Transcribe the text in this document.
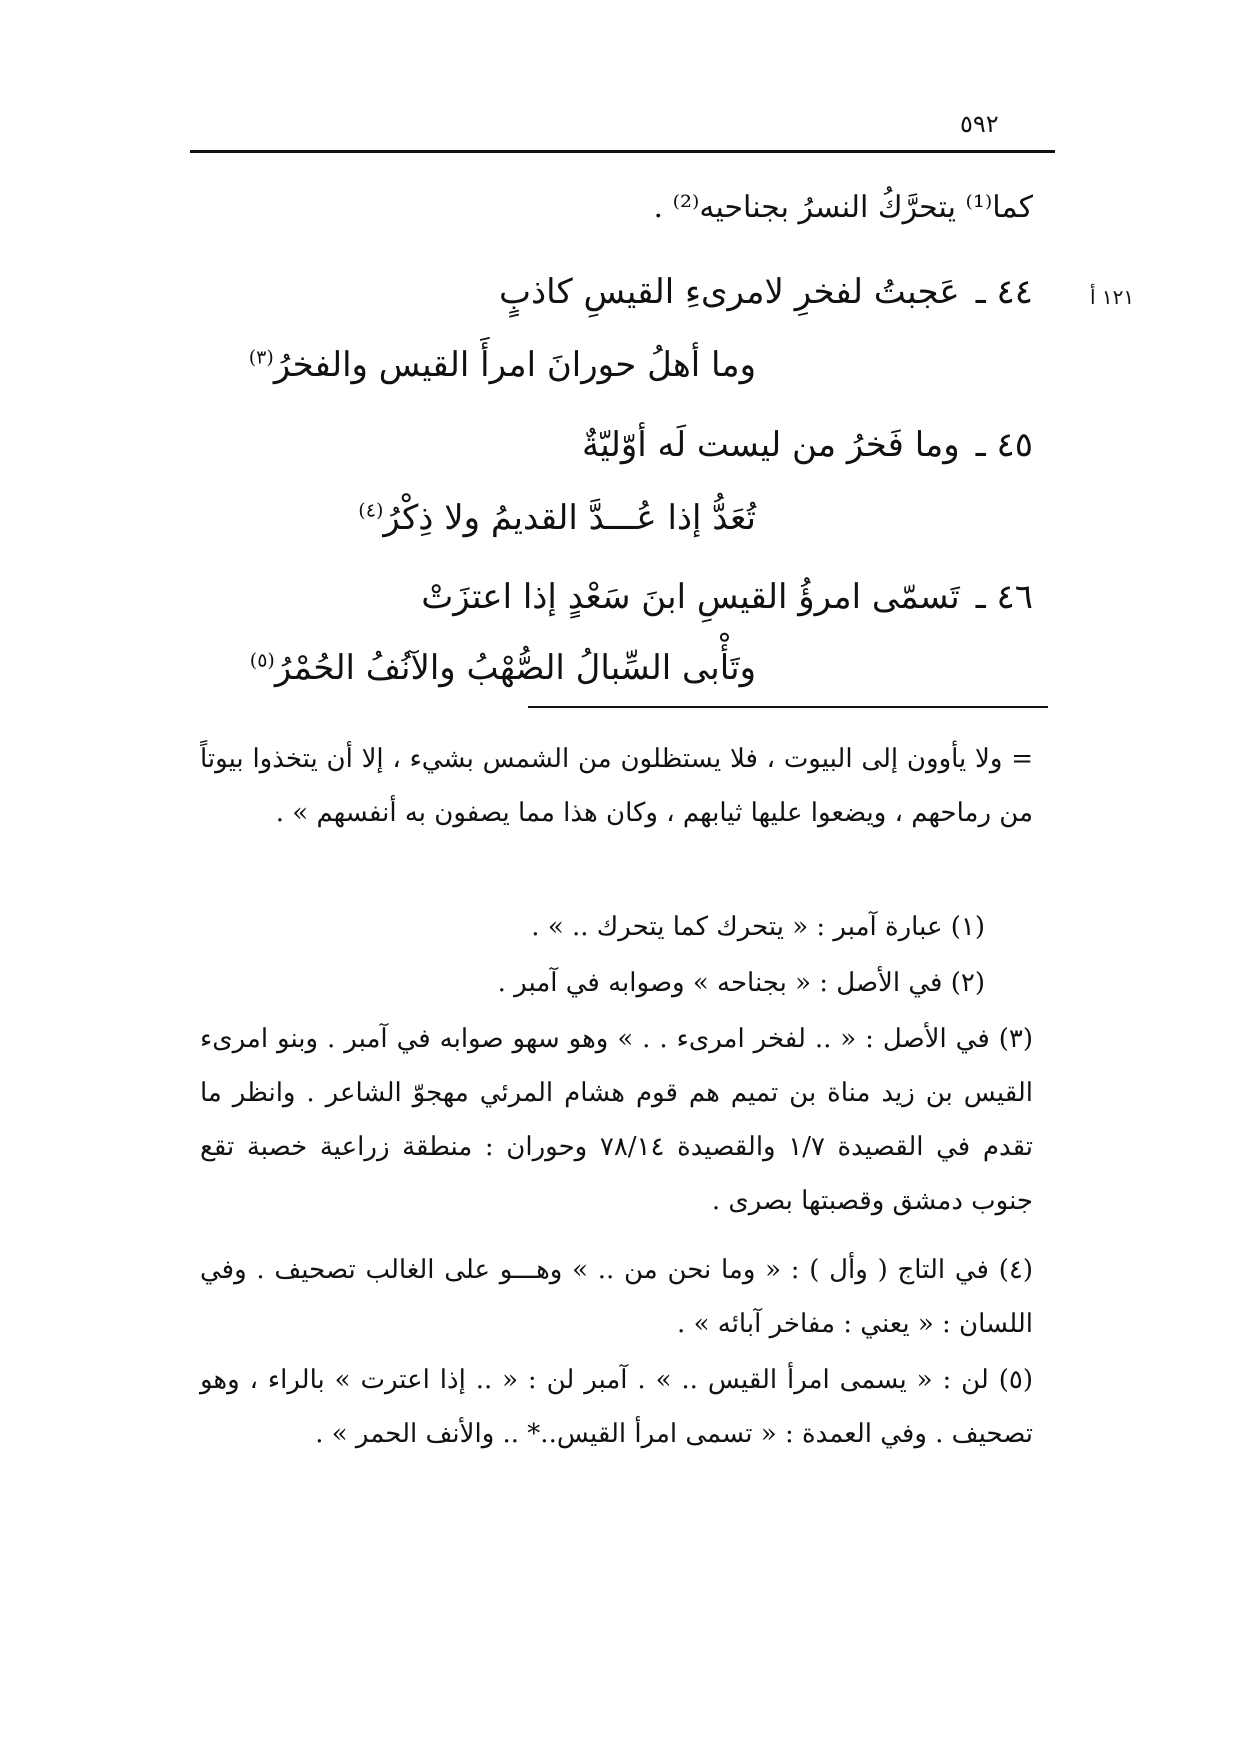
٥٩٢
كما⁽¹⁾ يتحرَّكُ النسرُ بجناحيه⁽²⁾ .
١٢١ أ
٤٤ ـعَجبتُ لفخرِ لامرىءِ القيسِ كاذبٍ
وما أهلُ حورانَ امرأَ القيس والفخرُ$^{(٣)}$
٤٥ ـوما فَخرُ من ليست لَه أوّليّةٌ
تُعَدُّ إذا عُـــدَّ القديمُ ولا ذِكْرُ$^{(٤)}$
٤٦ ـتَسمّى امرؤُ القيسِ ابنَ سَعْدٍ إذا اعتزَتْ
وتَأْبى السِّبالُ الصُّهْبُ والآنُفُ الحُمْرُ$^{(٥)}$

= ولا يأوون إلى البيوت ، فلا يستظلون من الشمس بشيء ، إلا أن يتخذوا بيوتاً من رماحهم ، ويضعوا عليها ثيابهم ، وكان هذا مما يصفون به أنفسهم » .

(١) عبارة آمبر : « يتحرك كما يتحرك .. » .

(٢) في الأصل : « بجناحه » وصوابه في آمبر .

(٣) في الأصل : « .. لفخر امرىء . . » وهو سهو صوابه في آمبر . وبنو امرىء القيس بن زيد مناة بن تميم هم قوم هشام المرئي مهجوّ الشاعر . وانظر ما تقدم في القصيدة ١/٧ والقصيدة ٧٨/١٤ وحوران : منطقة زراعية خصبة تقع جنوب دمشق وقصبتها بصرى .

(٤) في التاج ( وأل ) : « وما نحن من .. » وهـــو على الغالب تصحيف . وفي اللسان : « يعني : مفاخر آبائه » .

(٥) لن : « يسمى امرأ القيس .. » . آمبر لن : « .. إذا اعترت » بالراء ، وهو تصحيف . وفي العمدة : « تسمى امرأ القيس..* .. والأنف الحمر » .
